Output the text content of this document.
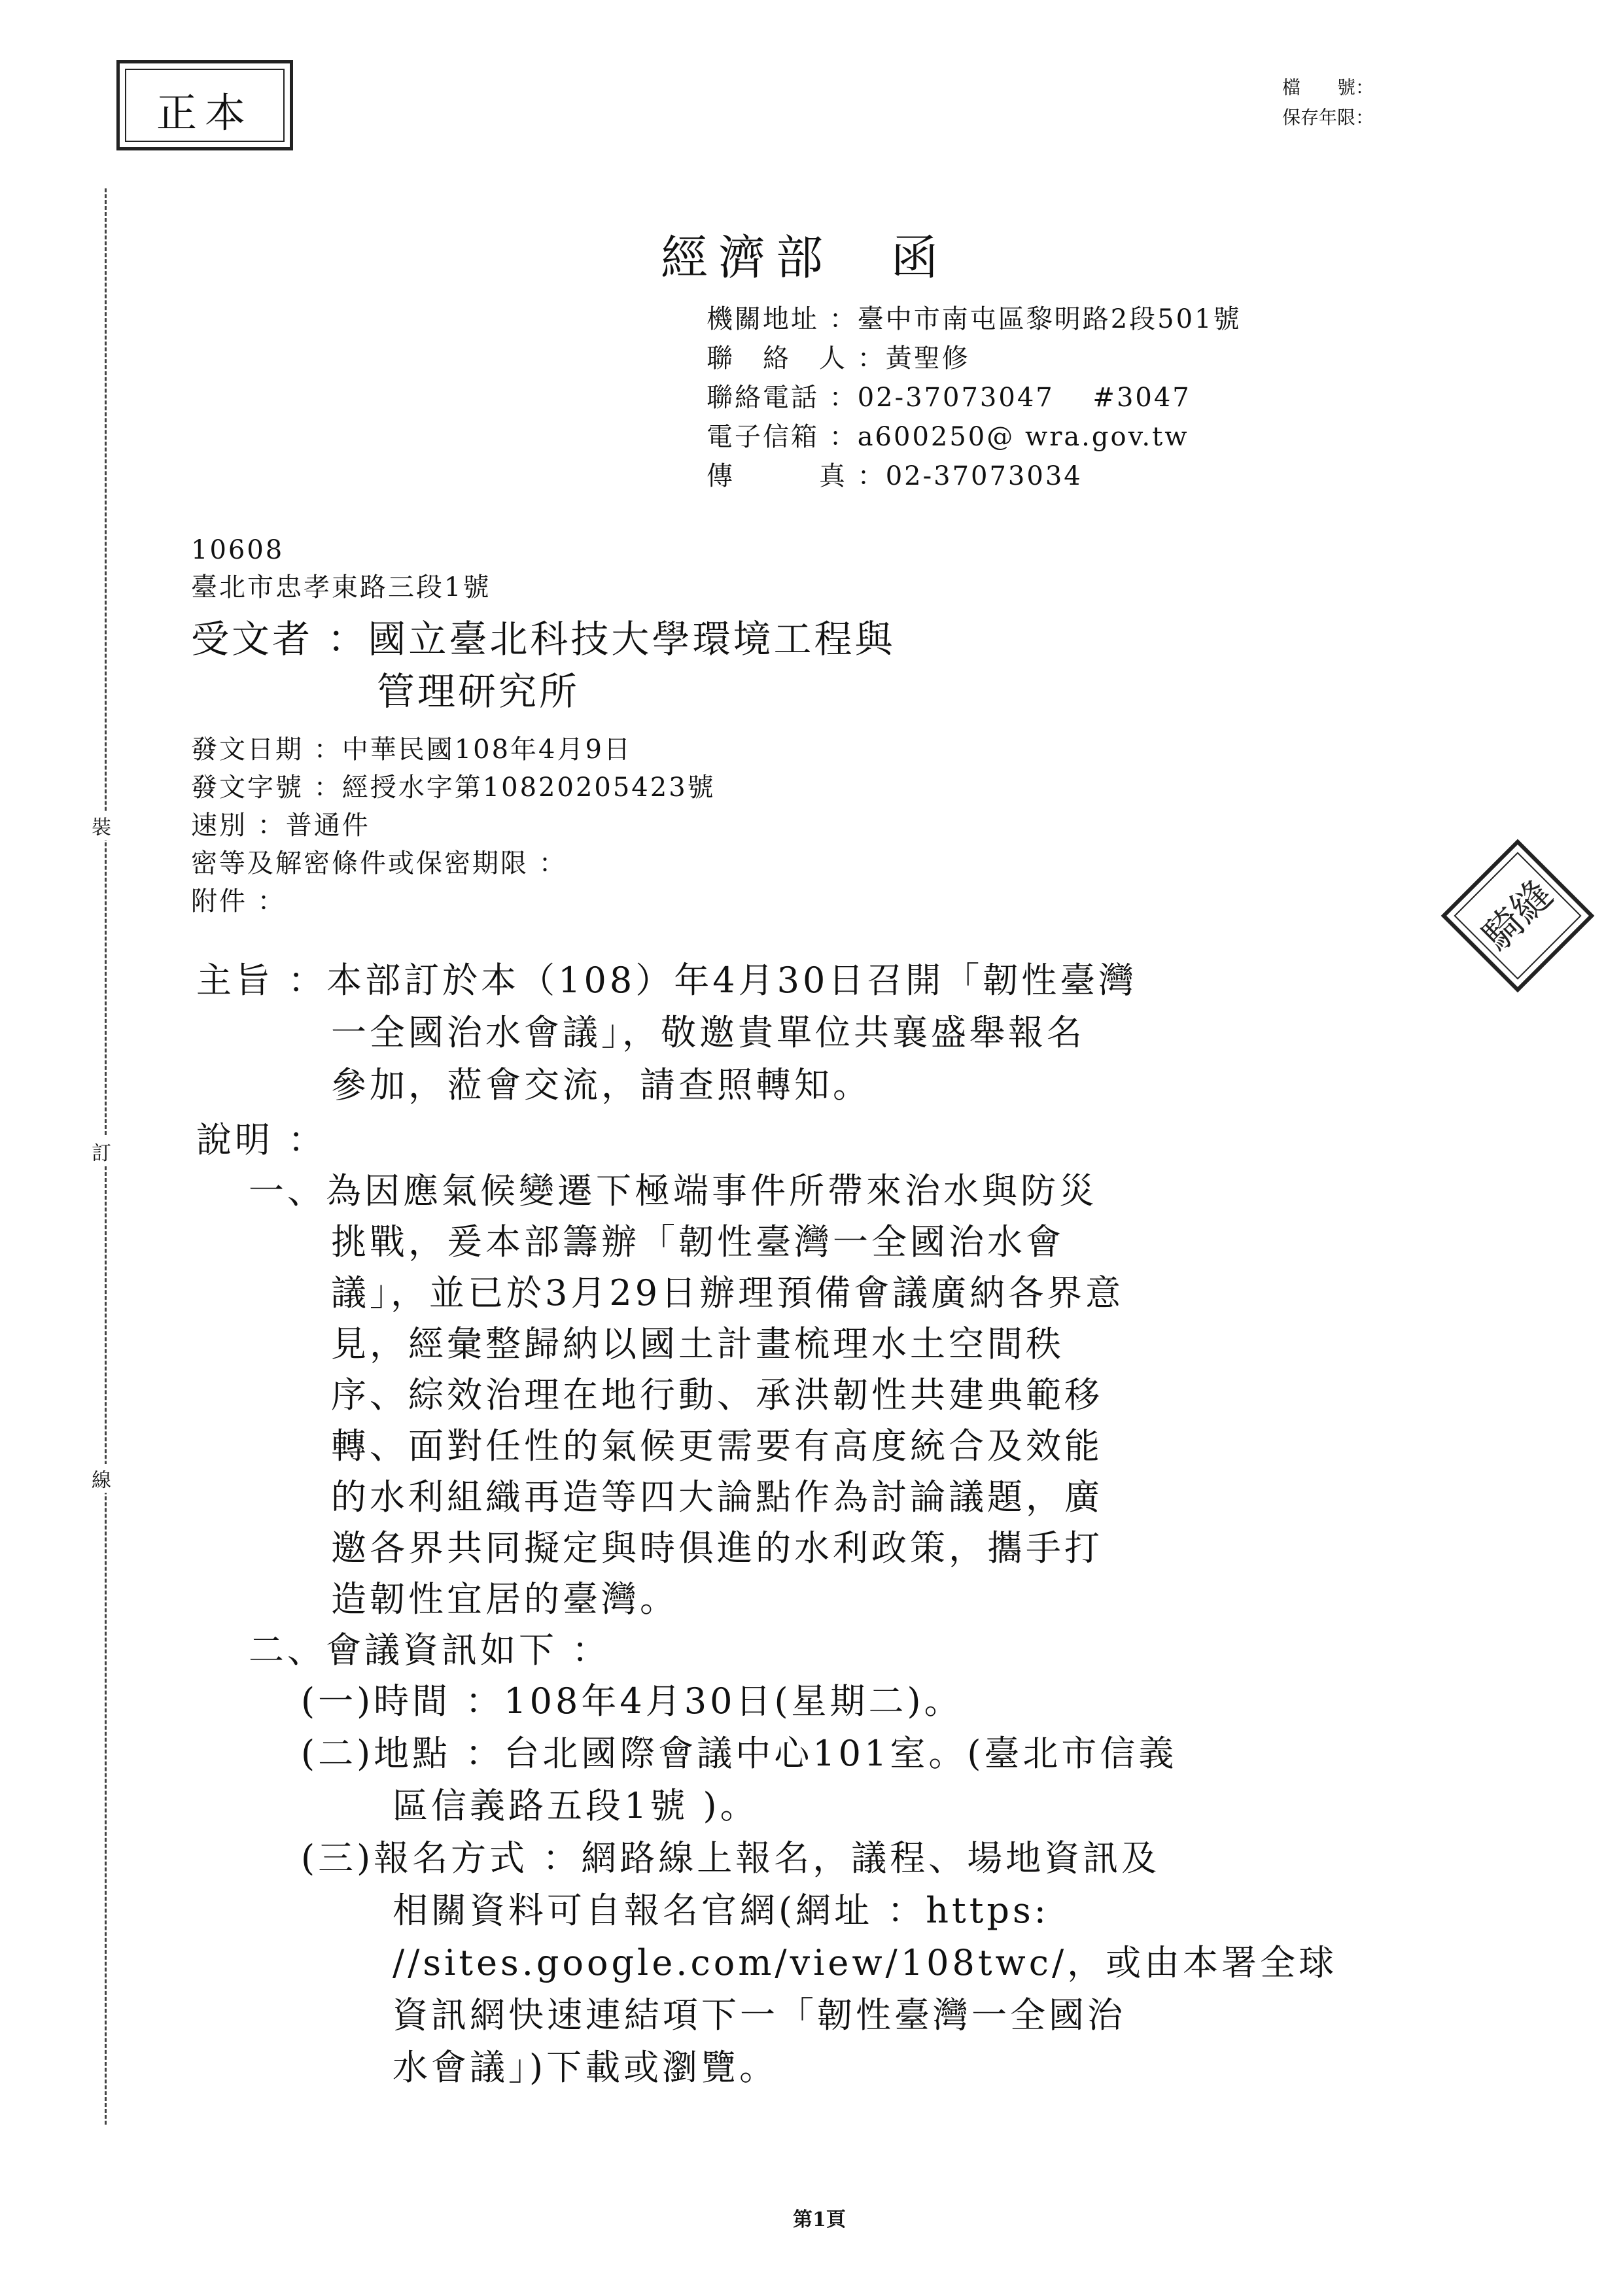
正本
檔　　號：
保存年限：
裝
訂
線
經濟部　函
機關地址 ：臺中市南屯區黎明路2段501號
聯　絡　人 ：黃聖修
聯絡電話 ：02-37073047　 #3047
電子信箱 ：a600250@ wra.gov.tw
傳　　　真 ：02-37073034
10608
臺北市忠孝東路三段1號
受文者 ：國立臺北科技大學環境工程與
管理研究所
發文日期 ：中華民國108年4月9日
發文字號 ：經授水字第10820205423號
速別 ：普通件
密等及解密條件或保密期限 ：
附件 ：	騎縫
主旨 ：本部訂於本（108）年4月30日召開「韌性臺灣
一全國治水會議」，敬邀貴單位共襄盛舉報名
參加，蒞會交流，請查照轉知。
說明 ：
一、為因應氣候變遷下極端事件所帶來治水與防災
挑戰，爰本部籌辦「韌性臺灣一全國治水會
議」，並已於3月29日辦理預備會議廣納各界意
見，經彙整歸納以國土計畫梳理水土空間秩
序、綜效治理在地行動、承洪韌性共建典範移
轉、面對任性的氣候更需要有高度統合及效能
的水利組織再造等四大論點作為討論議題，廣
邀各界共同擬定與時俱進的水利政策，攜手打
造韌性宜居的臺灣。
二、會議資訊如下 ：
(一)時間 ：108年4月30日(星期二)。
(二)地點 ：台北國際會議中心101室。(臺北市信義
區信義路五段1號 )。
(三)報名方式 ：網路線上報名，議程、場地資訊及
相關資料可自報名官網(網址 ：https:
//sites.google.com/view/108twc/，或由本署全球
資訊網快速連結項下一「韌性臺灣一全國治
水會議」)下載或瀏覽。
第1頁
